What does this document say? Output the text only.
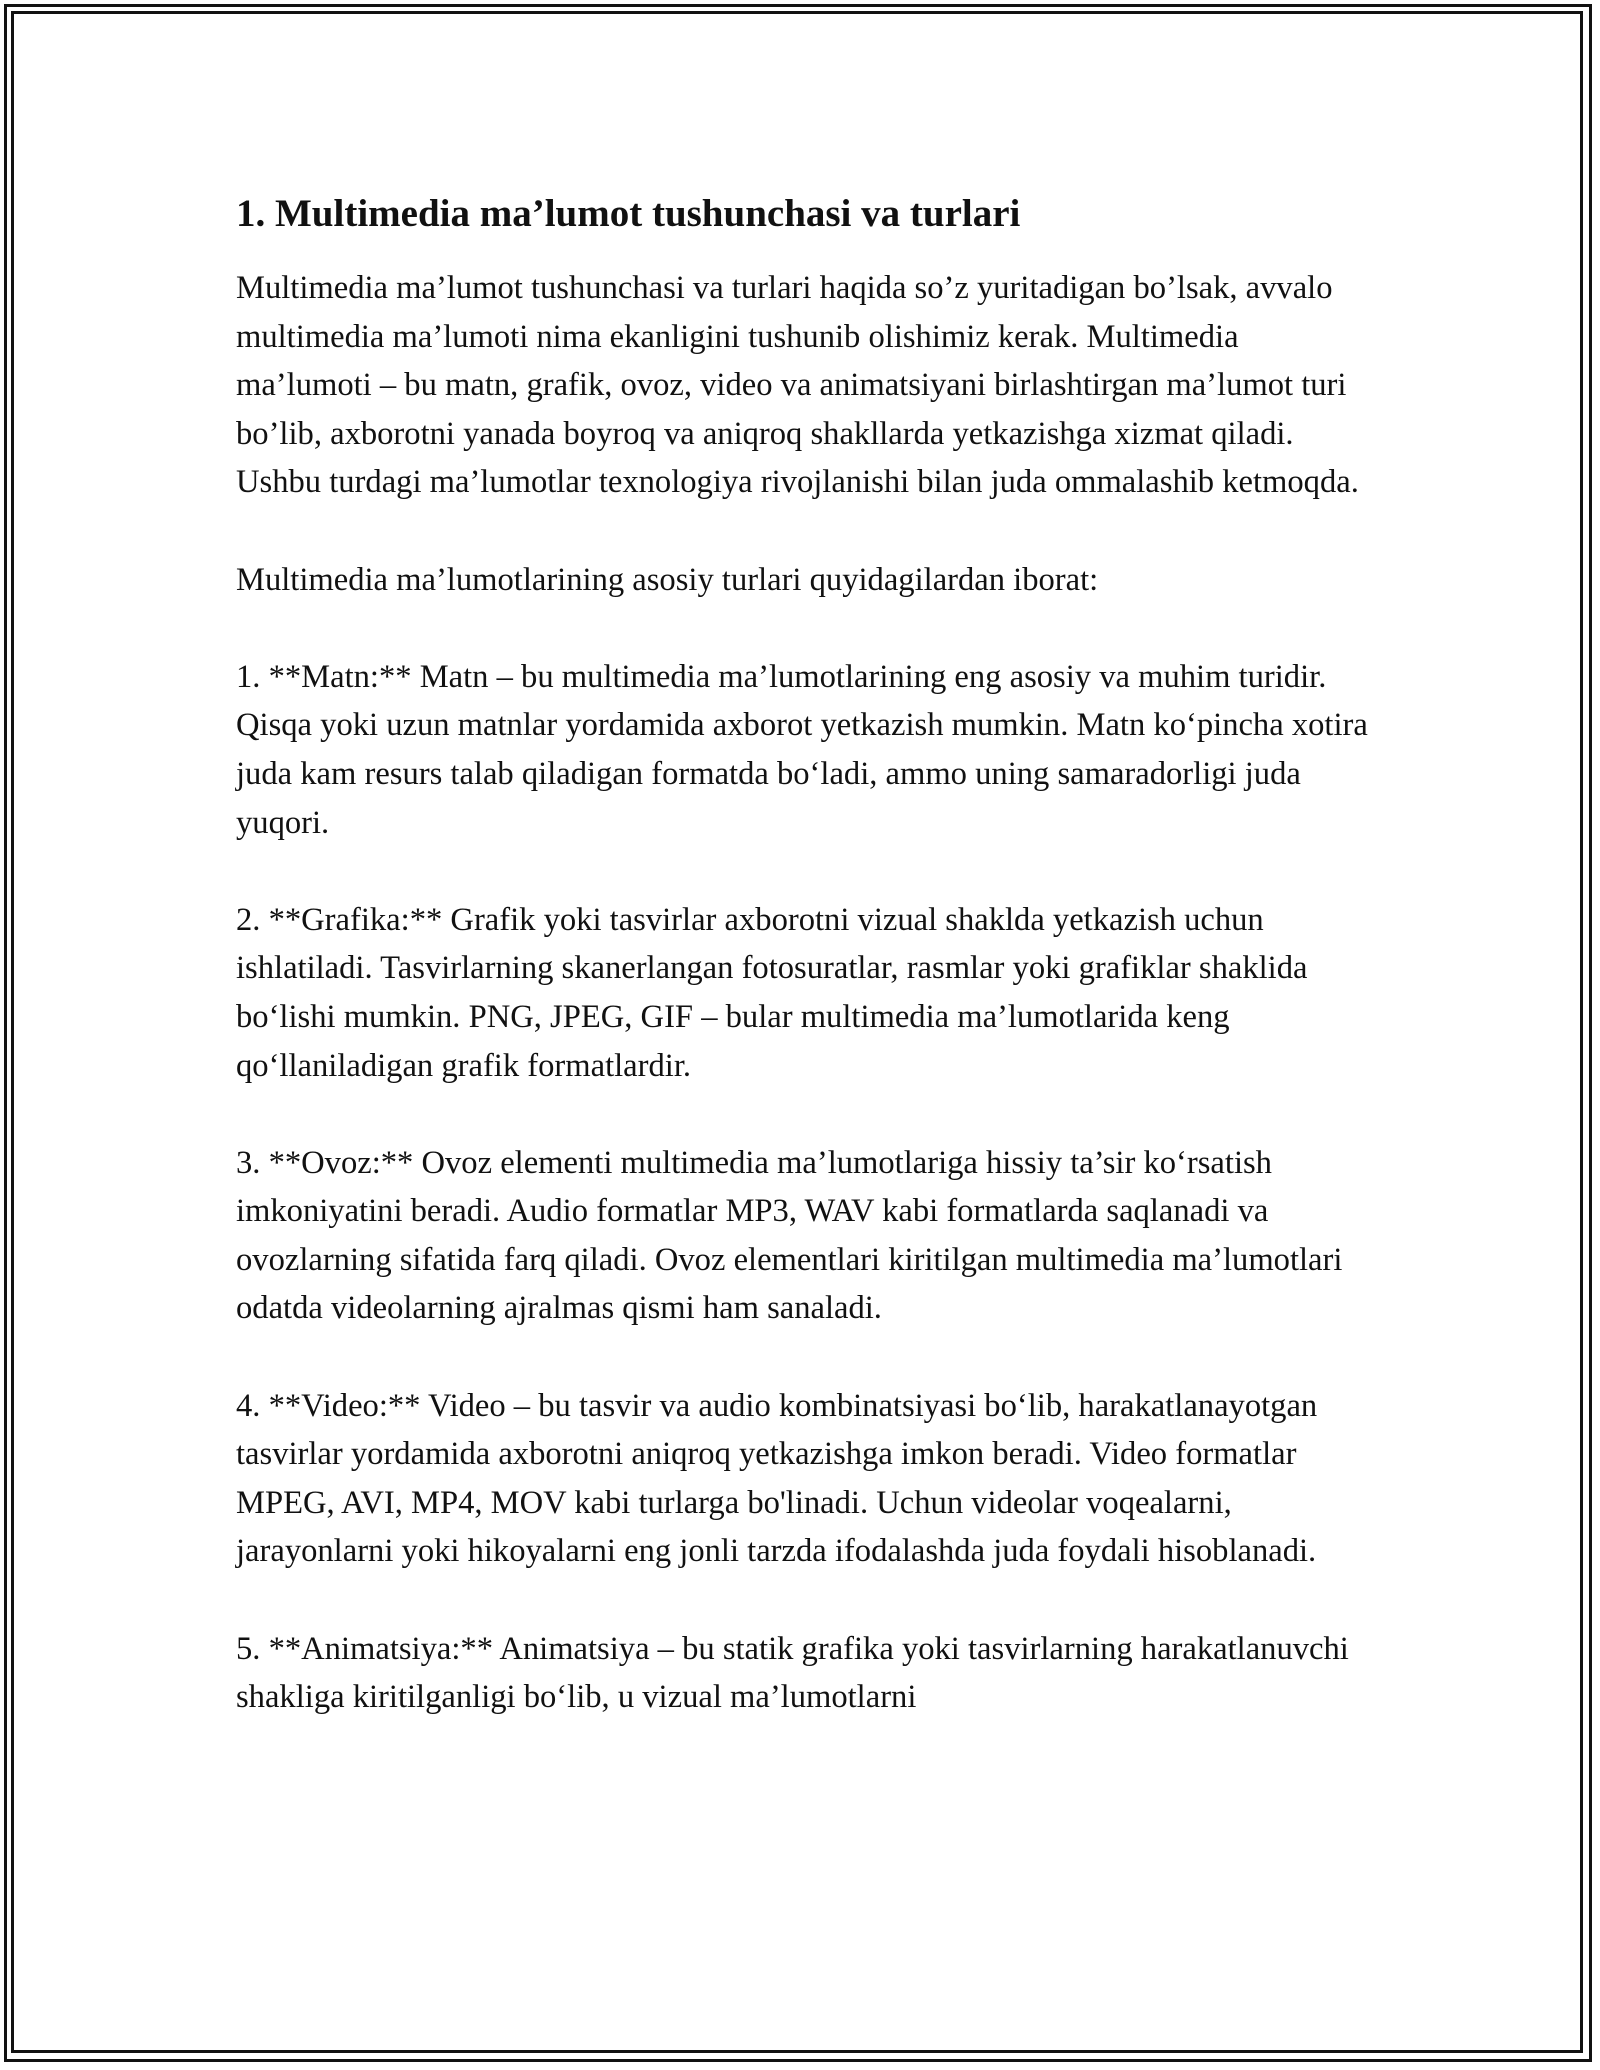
1. Multimedia ma’lumot tushunchasi va turlari

Multimedia ma’lumot tushunchasi va turlari haqida so’z yuritadigan bo’lsak, avvalo multimedia ma’lumoti nima ekanligini tushunib olishimiz kerak. Multimedia ma’lumoti – bu matn, grafik, ovoz, video va animatsiyani birlashtirgan ma’lumot turi bo’lib, axborotni yanada boyroq va aniqroq shakllarda yetkazishga xizmat qiladi. Ushbu turdagi ma’lumotlar texnologiya rivojlanishi bilan juda ommalashib ketmoqda.

Multimedia ma’lumotlarining asosiy turlari quyidagilardan iborat:

1. **Matn:** Matn – bu multimedia ma’lumotlarining eng asosiy va muhim turidir. Qisqa yoki uzun matnlar yordamida axborot yetkazish mumkin. Matn ko‘pincha xotira juda kam resurs talab qiladigan formatda bo‘ladi, ammo uning samaradorligi juda yuqori.

2. **Grafika:** Grafik yoki tasvirlar axborotni vizual shaklda yetkazish uchun ishlatiladi. Tasvirlarning skanerlangan fotosuratlar, rasmlar yoki grafiklar shaklida bo‘lishi mumkin. PNG, JPEG, GIF – bular multimedia ma’lumotlarida keng qo‘llaniladigan grafik formatlardir.

3. **Ovoz:** Ovoz elementi multimedia ma’lumotlariga hissiy ta’sir ko‘rsatish imkoniyatini beradi. Audio formatlar MP3, WAV kabi formatlarda saqlanadi va ovozlarning sifatida farq qiladi. Ovoz elementlari kiritilgan multimedia ma’lumotlari odatda videolarning ajralmas qismi ham sanaladi.

4. **Video:** Video – bu tasvir va audio kombinatsiyasi bo‘lib, harakatlanayotgan tasvirlar yordamida axborotni aniqroq yetkazishga imkon beradi. Video formatlar MPEG, AVI, MP4, MOV kabi turlarga bo'linadi. Uchun videolar voqealarni, jarayonlarni yoki hikoyalarni eng jonli tarzda ifodalashda juda foydali hisoblanadi.

5. **Animatsiya:** Animatsiya – bu statik grafika yoki tasvirlarning harakatlanuvchi shakliga kiritilganligi bo‘lib, u vizual ma’lumotlarni
